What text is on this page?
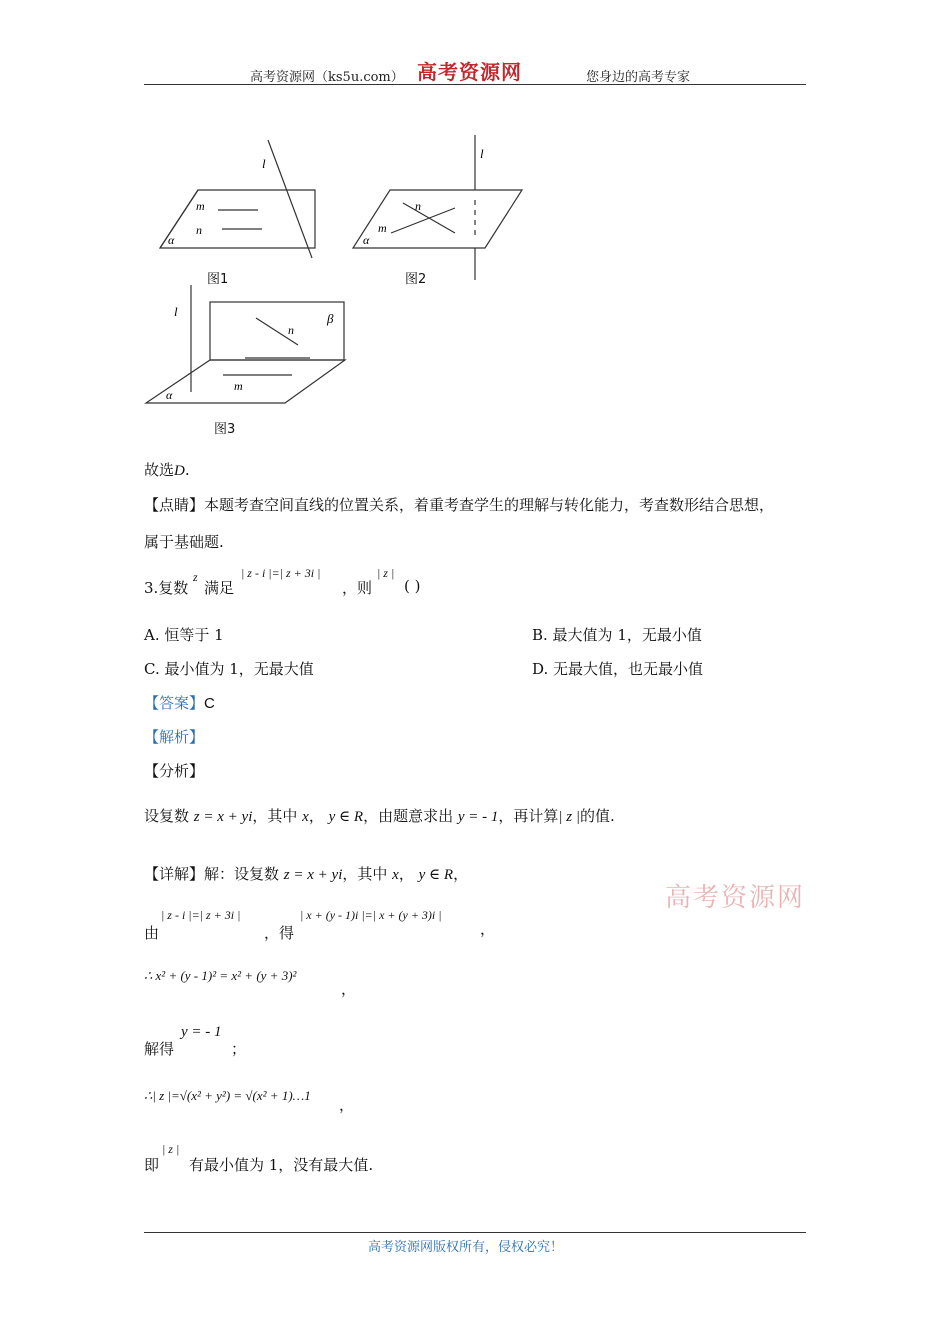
高考资源网（ks5u.com） 高考资源网	您身边的高考专家
l
m
n
α
图1
l
m
n
α
图2
l
n
m
β
α
图3
故选D.
【点睛】本题考查空间直线的位置关系，着重考查学生的理解与转化能力，考查数形结合思想，
属于基础题.
3.复数
z
满足
| z - i |=| z + 3i |
，则
| z |
( )
A. 恒等于 1	B. 最大值为 1，无最小值
C. 最小值为 1，无最大值	D. 无最大值，也无最小值
【答案】C
【解析】
【分析】
设复数 z = x + yi，其中 x， y ∈ R，由题意求出 y = - 1，再计算| z |的值.
【详解】解：设复数 z = x + yi，其中 x， y ∈ R，
高考资源网
由
| z - i |=| z + 3i |
，得
| x + (y - 1)i |=| x + (y + 3)i |
，
∴ x² + (y - 1)² = x² + (y + 3)²
，
解得
y = - 1
；
∴| z |=√(x² + y²) = √(x² + 1)…1
，
即
| z |
有最小值为 1，没有最大值.
高考资源网版权所有，侵权必究！
